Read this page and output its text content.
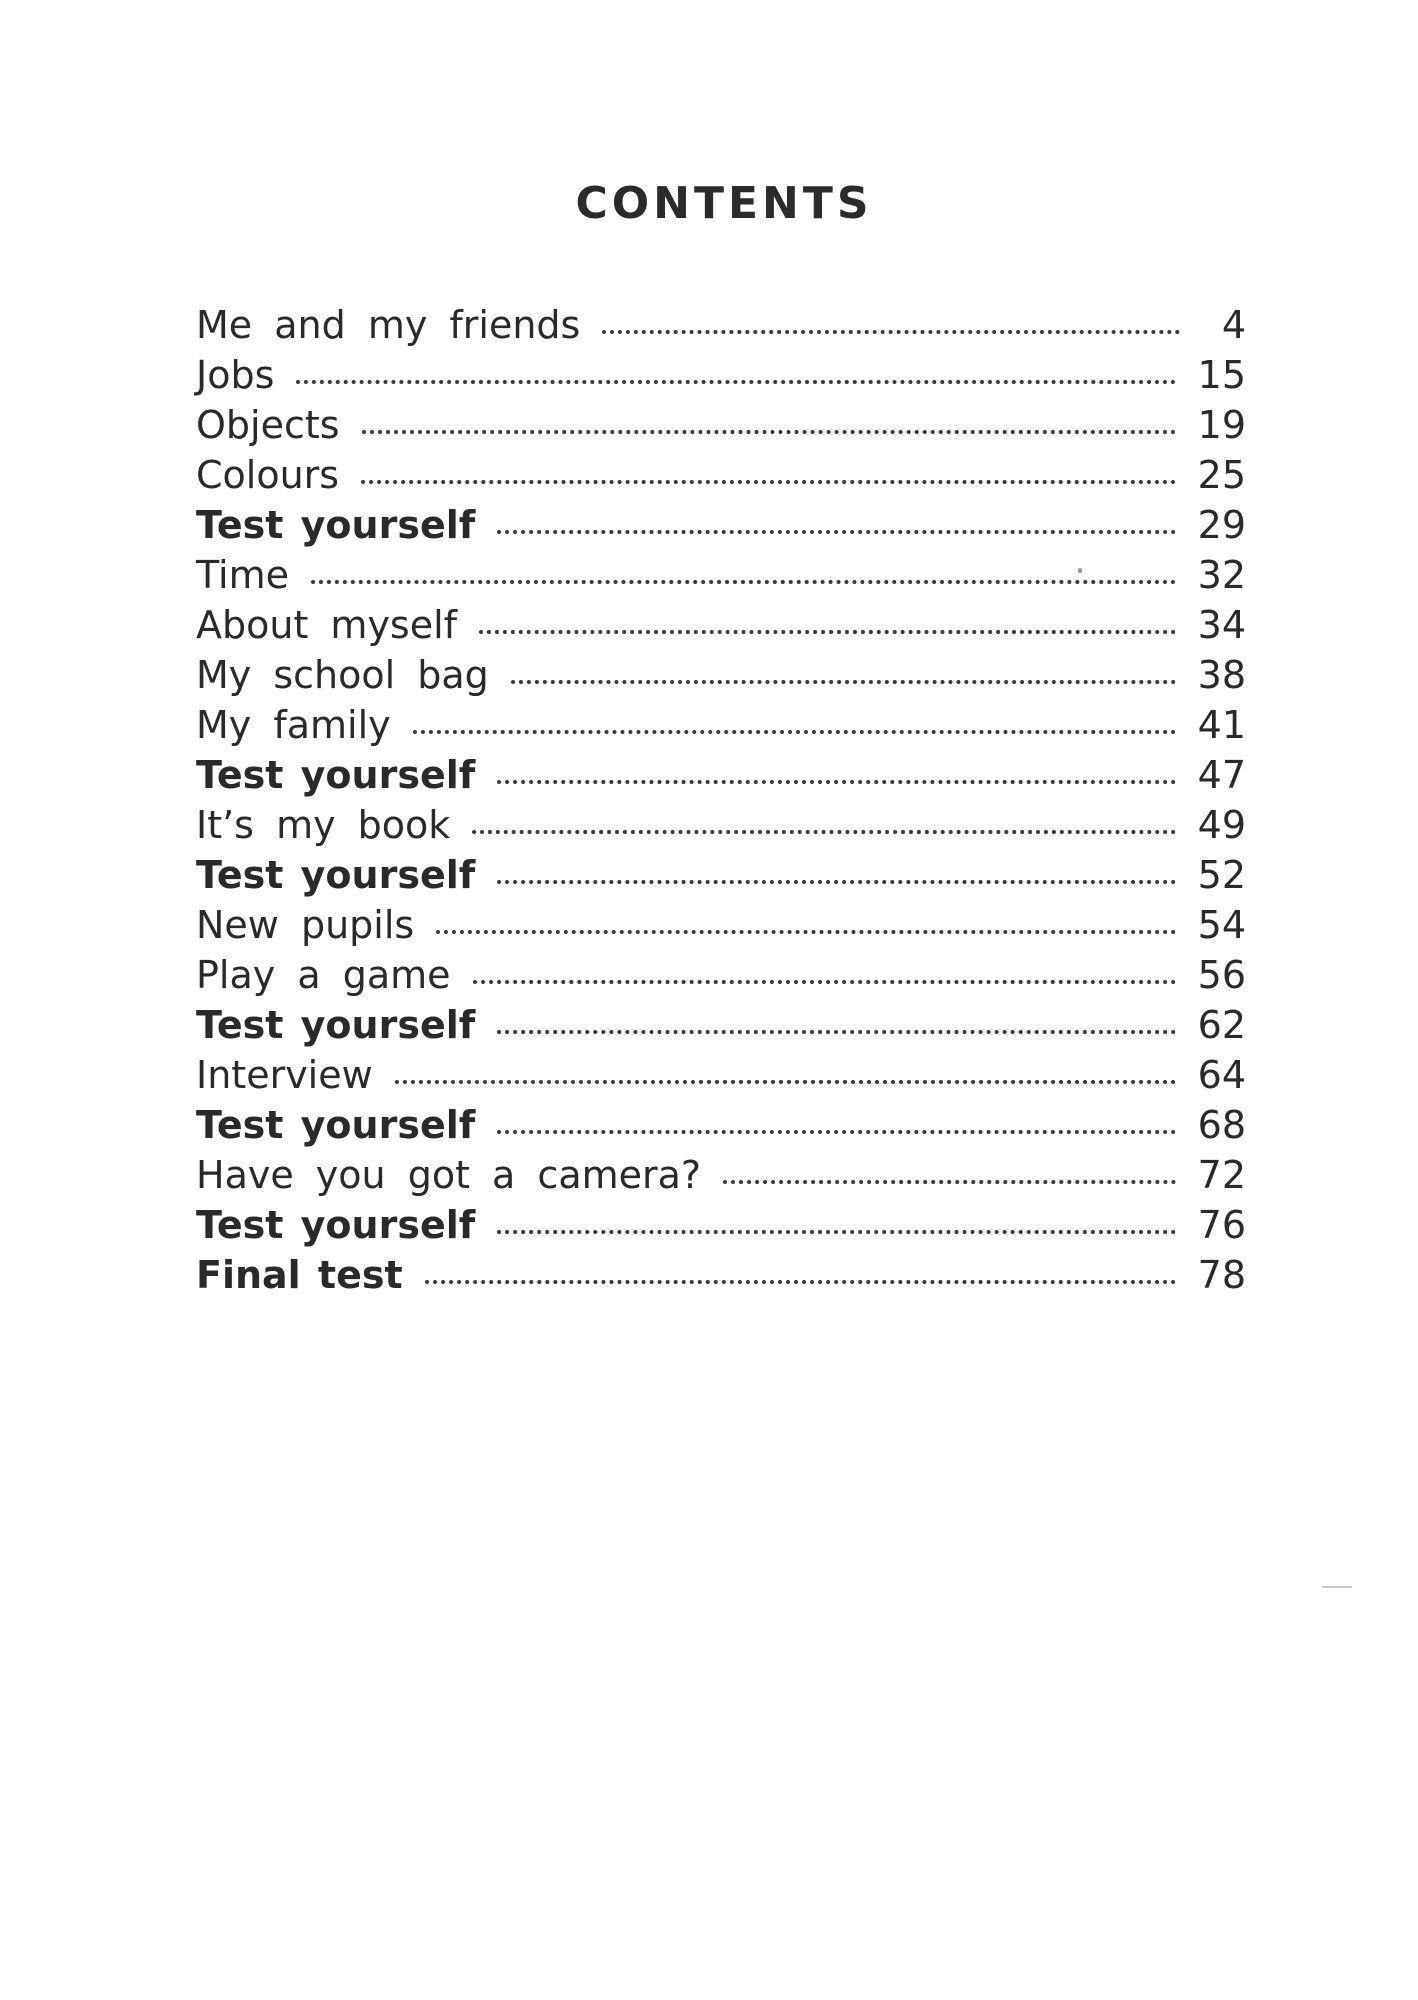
CONTENTS
Me and my friends	4
Jobs	15
Objects	19
Colours	25
Test yourself	29
Time	32
About myself	34
My school bag	38
My family	41
Test yourself	47
It’s my book	49
Test yourself	52
New pupils	54
Play a game	56
Test yourself	62
Interview	64
Test yourself	68
Have you got a camera?	72
Test yourself	76
Final test	78
